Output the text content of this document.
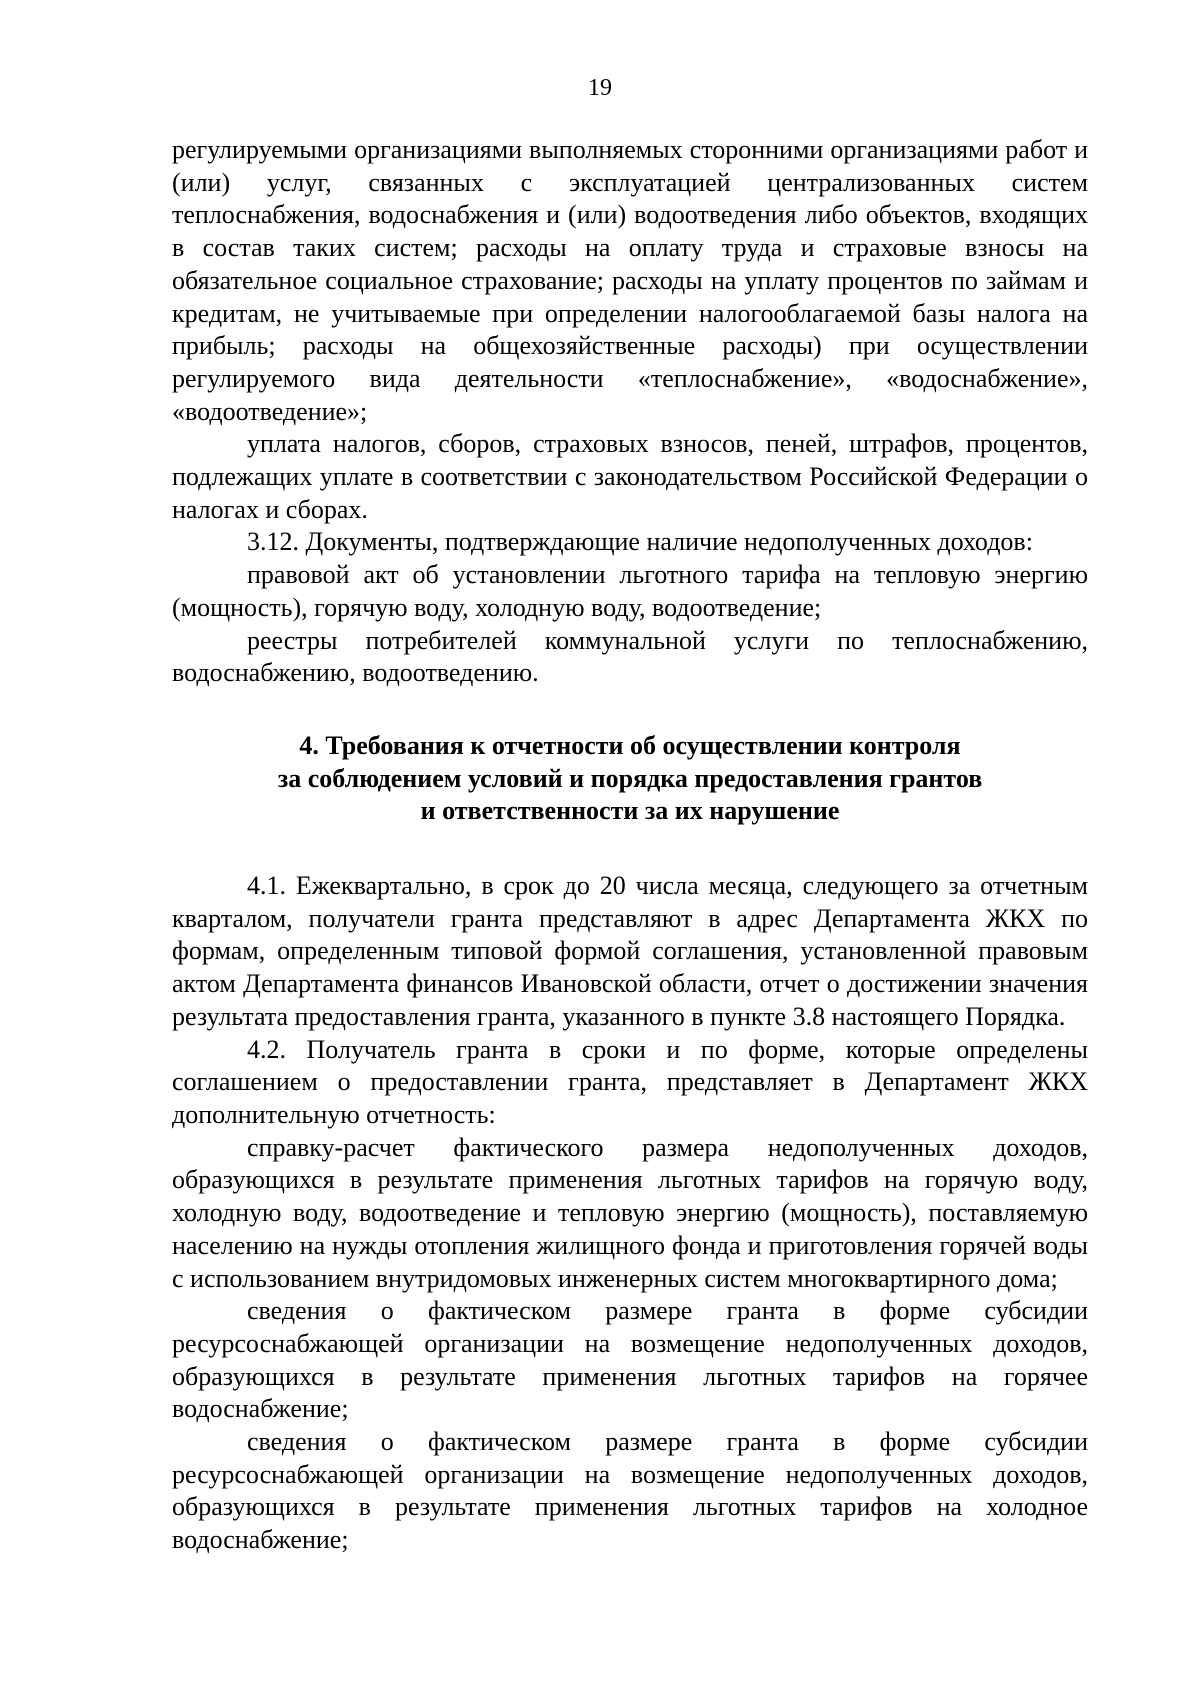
19

регулируемыми организациями выполняемых сторонними организациями работ и (или) услуг, связанных с эксплуатацией централизованных систем теплоснабжения, водоснабжения и (или) водоотведения либо объектов, входящих в состав таких систем; расходы на оплату труда и страховые взносы на обязательное социальное страхование; расходы на уплату процентов по займам и кредитам, не учитываемые при определении налогооблагаемой базы налога на прибыль; расходы на общехозяйственные расходы) при осуществлении регулируемого вида деятельности «теплоснабжение», «водоснабжение», «водоотведение»;

уплата налогов, сборов, страховых взносов, пеней, штрафов, процентов, подлежащих уплате в соответствии с законодательством Российской Федерации о налогах и сборах.

3.12. Документы, подтверждающие наличие недополученных доходов:

правовой акт об установлении льготного тарифа на тепловую энергию (мощность), горячую воду, холодную воду, водоотведение;

реестры потребителей коммунальной услуги по теплоснабжению, водоснабжению, водоотведению.

4. Требования к отчетности об осуществлении контроля
за соблюдением условий и порядка предоставления грантов
и ответственности за их нарушение

4.1. Ежеквартально, в срок до 20 числа месяца, следующего за отчетным кварталом, получатели гранта представляют в адрес Департамента ЖКХ по формам, определенным типовой формой соглашения, установленной правовым актом Департамента финансов Ивановской области, отчет о достижении значения результата предоставления гранта, указанного в пункте 3.8 настоящего Порядка.

4.2. Получатель гранта в сроки и по форме, которые определены соглашением о предоставлении гранта, представляет в Департамент ЖКХ дополнительную отчетность:

справку-расчет фактического размера недополученных доходов, образующихся в результате применения льготных тарифов на горячую воду, холодную воду, водоотведение и тепловую энергию (мощность), поставляемую населению на нужды отопления жилищного фонда и приготовления горячей воды с использованием внутридомовых инженерных систем многоквартирного дома;

сведения о фактическом размере гранта в форме субсидии ресурсоснабжающей организации на возмещение недополученных доходов, образующихся в результате применения льготных тарифов на горячее водоснабжение;

сведения о фактическом размере гранта в форме субсидии ресурсоснабжающей организации на возмещение недополученных доходов, образующихся в результате применения льготных тарифов на холодное водоснабжение;
